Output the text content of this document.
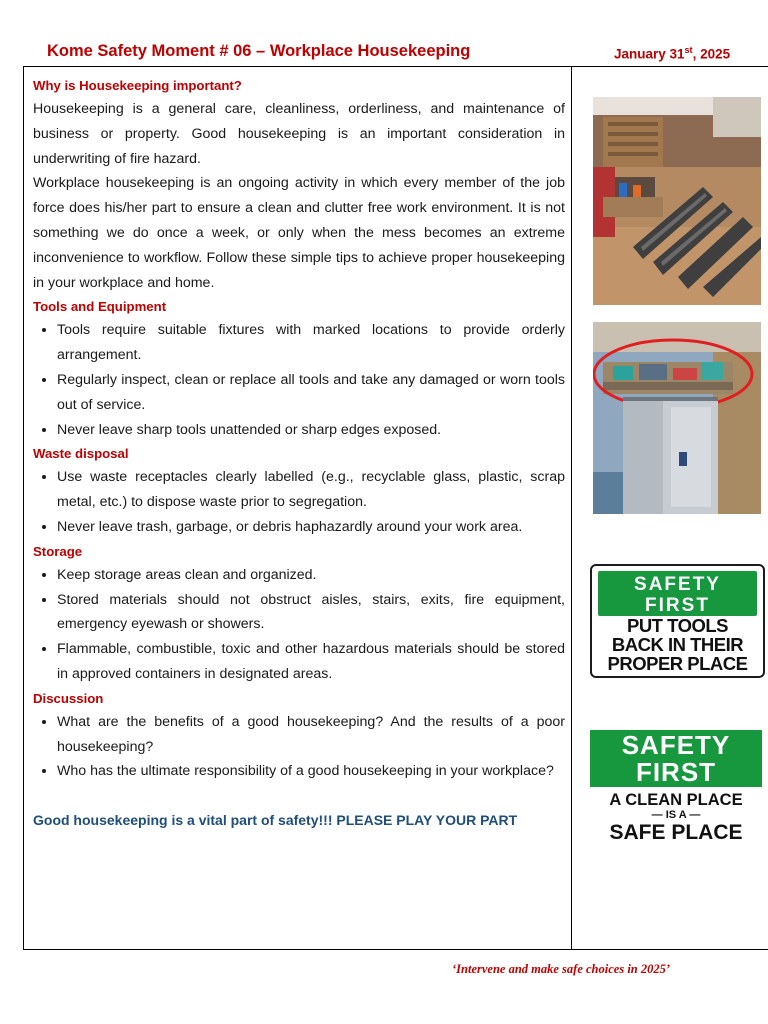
Kome Safety Moment # 06 – Workplace Housekeeping	January 31st, 2025
Why is Housekeeping important?

Housekeeping is a general care, cleanliness, orderliness, and maintenance of business or property. Good housekeeping is an important consideration in underwriting of fire hazard.

Workplace housekeeping is an ongoing activity in which every member of the job force does his/her part to ensure a clean and clutter free work environment. It is not something we do once a week, or only when the mess becomes an extreme inconvenience to workflow. Follow these simple tips to achieve proper housekeeping in your workplace and home.

Tools and Equipment
• Tools require suitable fixtures with marked locations to provide orderly arrangement.
• Regularly inspect, clean or replace all tools and take any damaged or worn tools out of service.
• Never leave sharp tools unattended or sharp edges exposed.
Waste disposal
• Use waste receptacles clearly labelled (e.g., recyclable glass, plastic, scrap metal, etc.) to dispose waste prior to segregation.
• Never leave trash, garbage, or debris haphazardly around your work area.
Storage
• Keep storage areas clean and organized.
• Stored materials should not obstruct aisles, stairs, exits, fire equipment, emergency eyewash or showers.
• Flammable, combustible, toxic and other hazardous materials should be stored in approved containers in designated areas.
Discussion
• What are the benefits of a good housekeeping? And the results of a poor housekeeping?
• Who has the ultimate responsibility of a good housekeeping in your workplace?
Good housekeeping is a vital part of safety!!! PLEASE PLAY YOUR PART
SAFETY
FIRST
PUT TOOLS
BACK IN THEIR
PROPER PLACE
SAFETY
FIRST
A CLEAN PLACE
— IS A —
SAFE PLACE
‘Intervene and make safe choices in 2025’
